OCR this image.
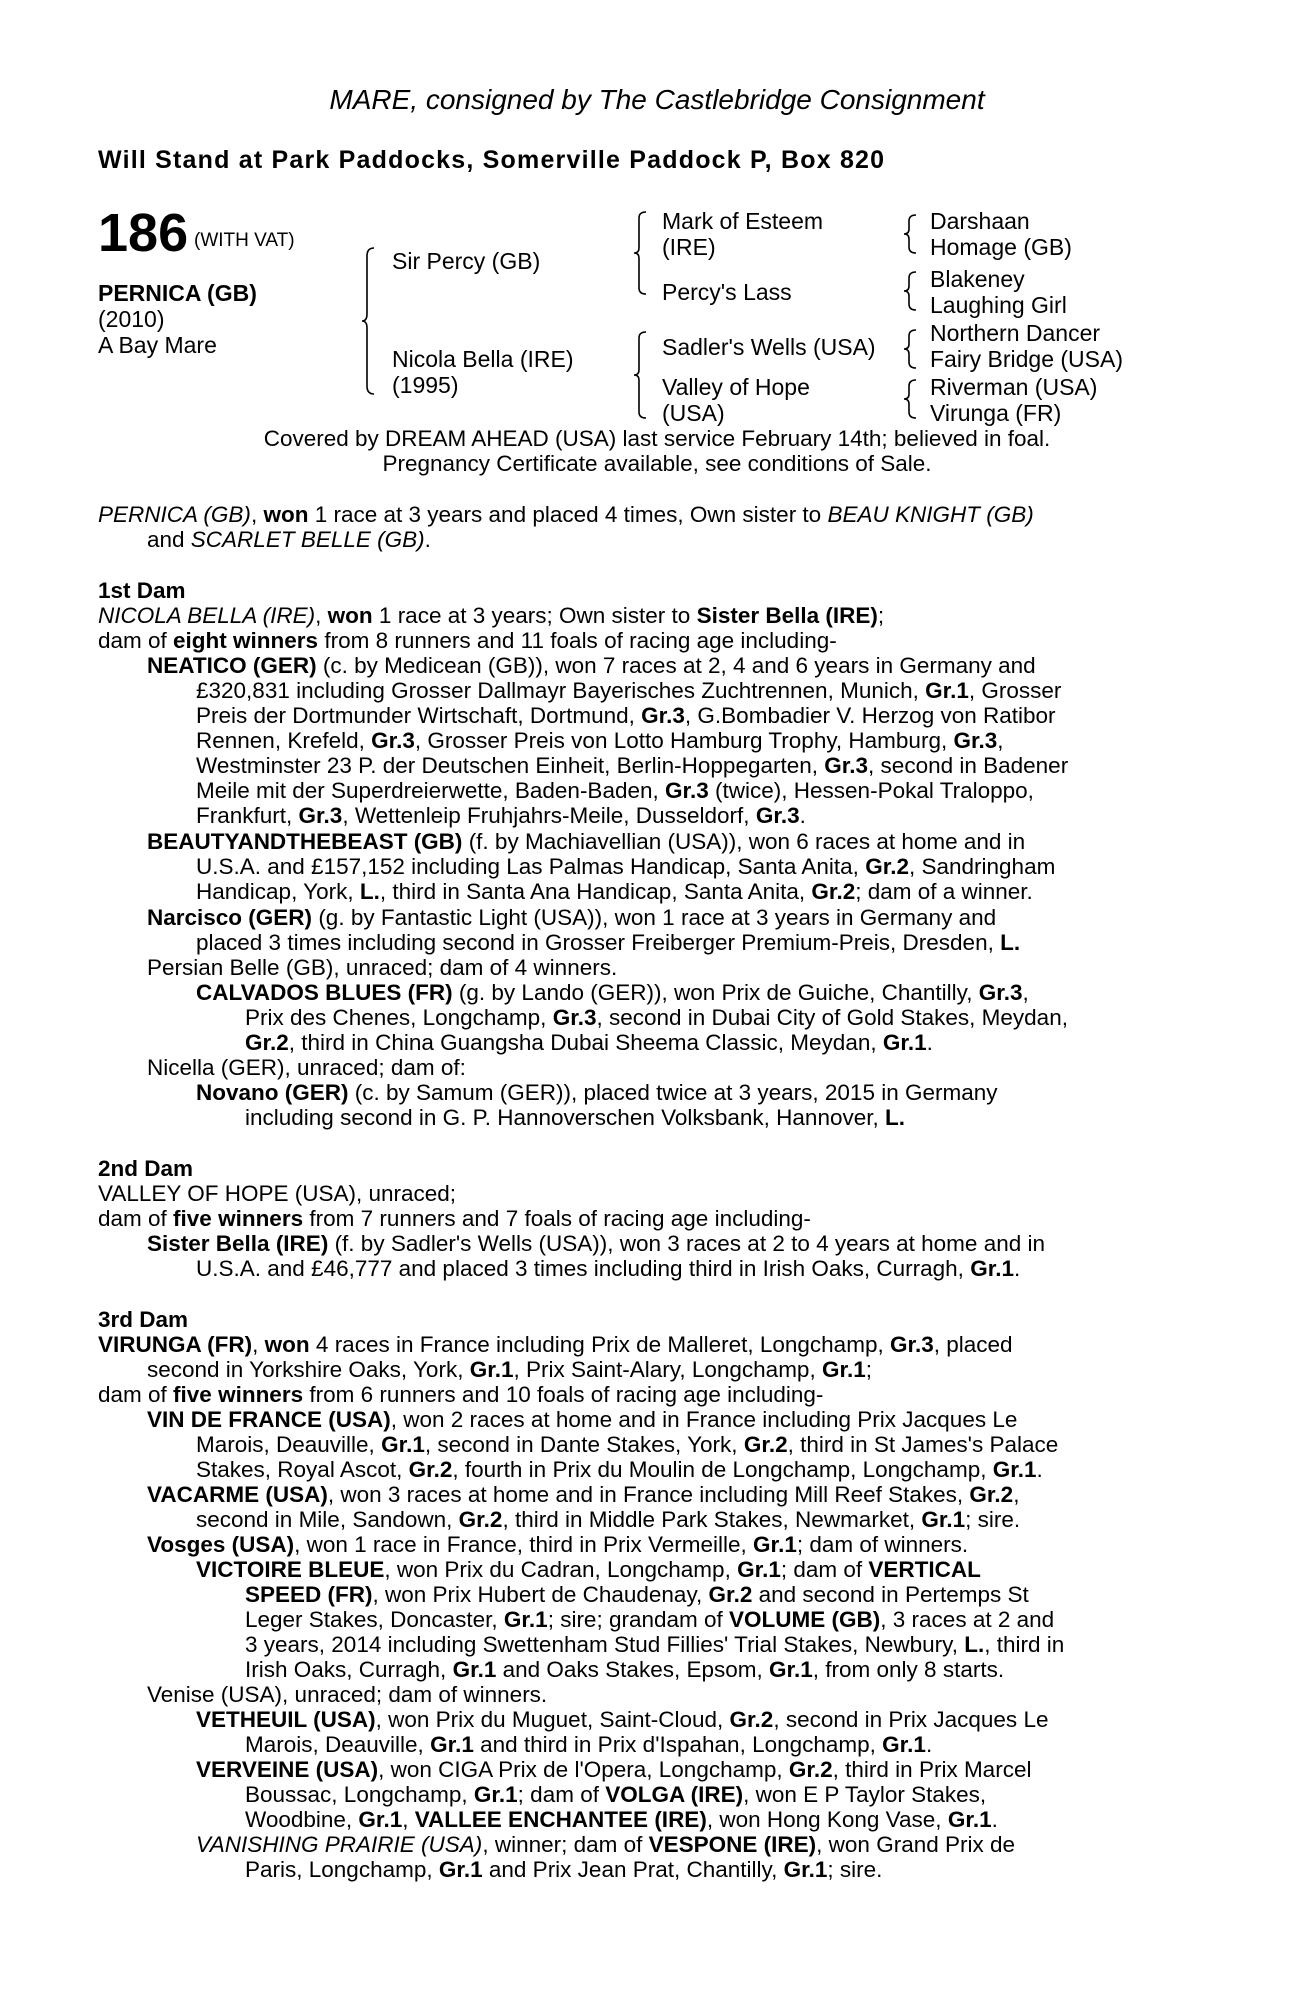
MARE, consigned by The Castlebridge Consignment
Will Stand at Park Paddocks, Somerville Paddock P, Box 820
186 (WITH VAT)
PERNICA (GB)
(2010)
A Bay Mare
Sir Percy (GB)
Nicola Bella (IRE)
(1995)
Mark of Esteem
(IRE)
Percy's Lass
Sadler's Wells (USA)
Valley of Hope
(USA)
Darshaan
Homage (GB)
Blakeney
Laughing Girl
Northern Dancer
Fairy Bridge (USA)
Riverman (USA)
Virunga (FR)
Covered by DREAM AHEAD (USA) last service February 14th; believed in foal.
Pregnancy Certificate available, see conditions of Sale.
PERNICA (GB), won 1 race at 3 years and placed 4 times, Own sister to BEAU KNIGHT (GB)
and SCARLET BELLE (GB).
1st Dam
NICOLA BELLA (IRE), won 1 race at 3 years; Own sister to Sister Bella (IRE);
dam of eight winners from 8 runners and 11 foals of racing age including-
NEATICO (GER) (c. by Medicean (GB)), won 7 races at 2, 4 and 6 years in Germany and
£320,831 including Grosser Dallmayr Bayerisches Zuchtrennen, Munich, Gr.1, Grosser
Preis der Dortmunder Wirtschaft, Dortmund, Gr.3, G.Bombadier V. Herzog von Ratibor
Rennen, Krefeld, Gr.3, Grosser Preis von Lotto Hamburg Trophy, Hamburg, Gr.3,
Westminster 23 P. der Deutschen Einheit, Berlin-Hoppegarten, Gr.3, second in Badener
Meile mit der Superdreierwette, Baden-Baden, Gr.3 (twice), Hessen-Pokal Traloppo,
Frankfurt, Gr.3, Wettenleip Fruhjahrs-Meile, Dusseldorf, Gr.3.
BEAUTYANDTHEBEAST (GB) (f. by Machiavellian (USA)), won 6 races at home and in
U.S.A. and £157,152 including Las Palmas Handicap, Santa Anita, Gr.2, Sandringham
Handicap, York, L., third in Santa Ana Handicap, Santa Anita, Gr.2; dam of a winner.
Narcisco (GER) (g. by Fantastic Light (USA)), won 1 race at 3 years in Germany and
placed 3 times including second in Grosser Freiberger Premium-Preis, Dresden, L.
Persian Belle (GB), unraced; dam of 4 winners.
CALVADOS BLUES (FR) (g. by Lando (GER)), won Prix de Guiche, Chantilly, Gr.3,
Prix des Chenes, Longchamp, Gr.3, second in Dubai City of Gold Stakes, Meydan,
Gr.2, third in China Guangsha Dubai Sheema Classic, Meydan, Gr.1.
Nicella (GER), unraced; dam of:
Novano (GER) (c. by Samum (GER)), placed twice at 3 years, 2015 in Germany
including second in G. P. Hannoverschen Volksbank, Hannover, L.
2nd Dam
VALLEY OF HOPE (USA), unraced;
dam of five winners from 7 runners and 7 foals of racing age including-
Sister Bella (IRE) (f. by Sadler's Wells (USA)), won 3 races at 2 to 4 years at home and in
U.S.A. and £46,777 and placed 3 times including third in Irish Oaks, Curragh, Gr.1.
3rd Dam
VIRUNGA (FR), won 4 races in France including Prix de Malleret, Longchamp, Gr.3, placed
second in Yorkshire Oaks, York, Gr.1, Prix Saint-Alary, Longchamp, Gr.1;
dam of five winners from 6 runners and 10 foals of racing age including-
VIN DE FRANCE (USA), won 2 races at home and in France including Prix Jacques Le
Marois, Deauville, Gr.1, second in Dante Stakes, York, Gr.2, third in St James's Palace
Stakes, Royal Ascot, Gr.2, fourth in Prix du Moulin de Longchamp, Longchamp, Gr.1.
VACARME (USA), won 3 races at home and in France including Mill Reef Stakes, Gr.2,
second in Mile, Sandown, Gr.2, third in Middle Park Stakes, Newmarket, Gr.1; sire.
Vosges (USA), won 1 race in France, third in Prix Vermeille, Gr.1; dam of winners.
VICTOIRE BLEUE, won Prix du Cadran, Longchamp, Gr.1; dam of VERTICAL
SPEED (FR), won Prix Hubert de Chaudenay, Gr.2 and second in Pertemps St
Leger Stakes, Doncaster, Gr.1; sire; grandam of VOLUME (GB), 3 races at 2 and
3 years, 2014 including Swettenham Stud Fillies' Trial Stakes, Newbury, L., third in
Irish Oaks, Curragh, Gr.1 and Oaks Stakes, Epsom, Gr.1, from only 8 starts.
Venise (USA), unraced; dam of winners.
VETHEUIL (USA), won Prix du Muguet, Saint-Cloud, Gr.2, second in Prix Jacques Le
Marois, Deauville, Gr.1 and third in Prix d'Ispahan, Longchamp, Gr.1.
VERVEINE (USA), won CIGA Prix de l'Opera, Longchamp, Gr.2, third in Prix Marcel
Boussac, Longchamp, Gr.1; dam of VOLGA (IRE), won E P Taylor Stakes,
Woodbine, Gr.1, VALLEE ENCHANTEE (IRE), won Hong Kong Vase, Gr.1.
VANISHING PRAIRIE (USA), winner; dam of VESPONE (IRE), won Grand Prix de
Paris, Longchamp, Gr.1 and Prix Jean Prat, Chantilly, Gr.1; sire.
